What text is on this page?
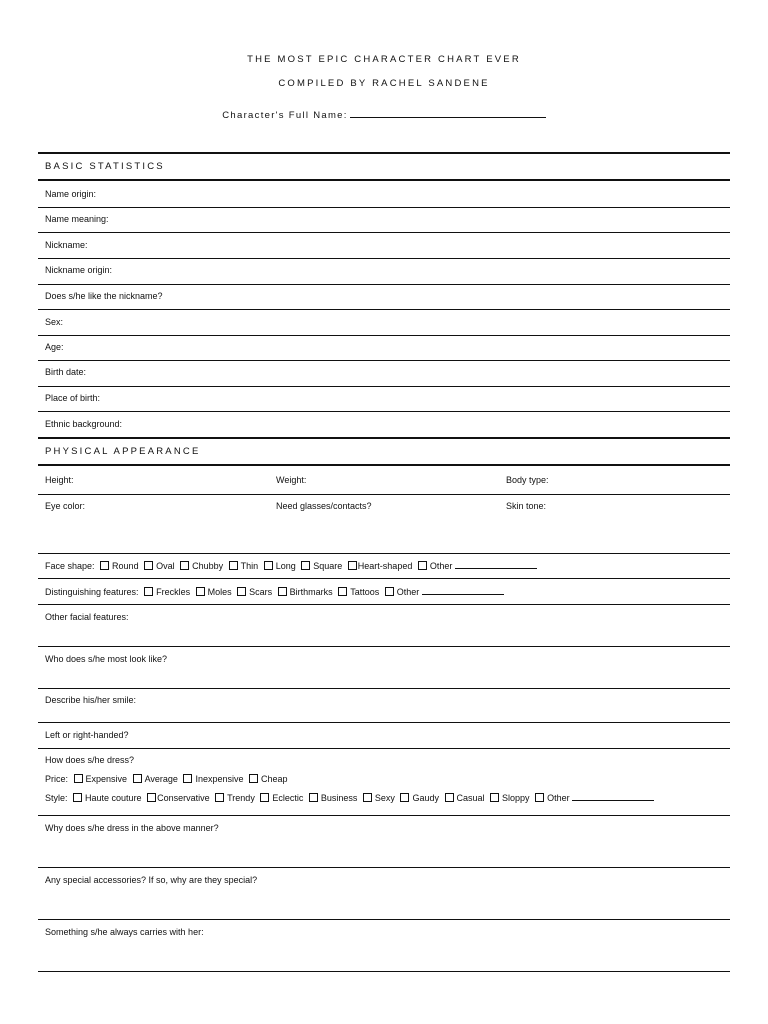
THE MOST EPIC CHARACTER CHART EVER
COMPILED BY RACHEL SANDENE
Character's Full Name:
BASIC STATISTICS
Name origin:
Name meaning:
Nickname:
Nickname origin:
Does s/he like the nickname?
Sex:
Age:
Birth date:
Place of birth:
Ethnic background:
PHYSICAL APPEARANCE
Height:	Weight:	Body type:
Eye color:	Need glasses/contacts?	Skin tone:
Face shape: Round Oval Chubby Thin Long Square Heart-shaped Other
Distinguishing features: Freckles Moles Scars Birthmarks Tattoos Other
Other facial features:
Who does s/he most look like?
Describe his/her smile:
Left or right-handed?
How does s/he dress?
Price: Expensive Average Inexpensive Cheap
Style: Haute couture Conservative Trendy Eclectic Business Sexy Gaudy Casual Sloppy Other
Why does s/he dress in the above manner?
Any special accessories? If so, why are they special?
Something s/he always carries with her:
